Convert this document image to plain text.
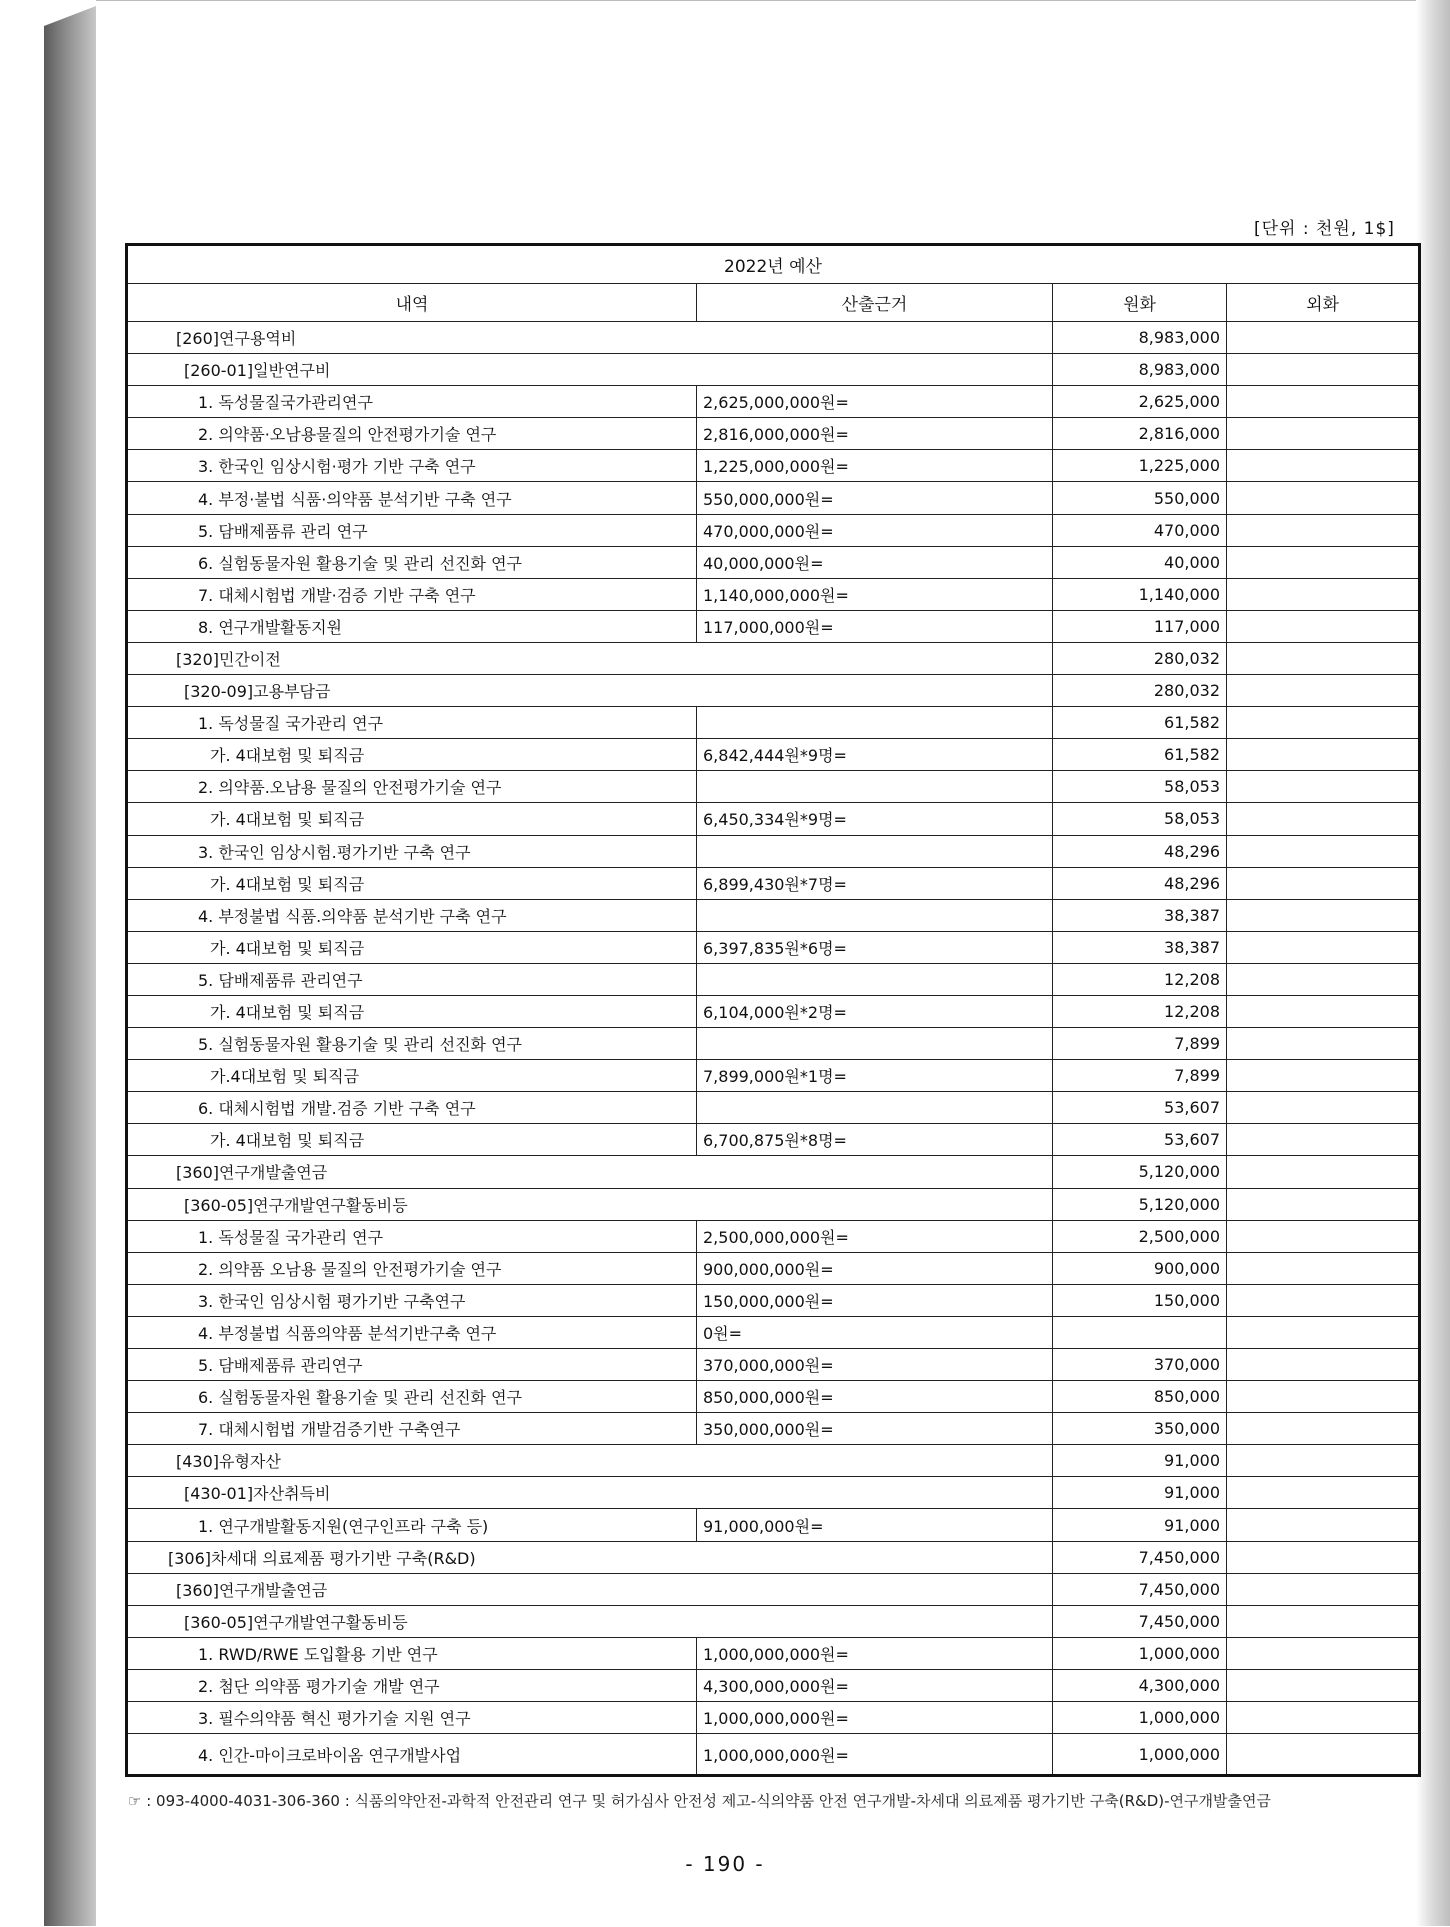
[단위 : 천원, 1$]
2022년 예산			
내역	산출근거	원화	외화
[260]연구용역비		8,983,000	
[260-01]일반연구비		8,983,000	
1. 독성물질국가관리연구	2,625,000,000원=	2,625,000	
2. 의약품·오남용물질의 안전평가기술 연구	2,816,000,000원=	2,816,000	
3. 한국인 임상시험·평가 기반 구축 연구	1,225,000,000원=	1,225,000	
4. 부정·불법 식품·의약품 분석기반 구축 연구	550,000,000원=	550,000	
5. 담배제품류 관리 연구	470,000,000원=	470,000	
6. 실험동물자원 활용기술 및 관리 선진화 연구	40,000,000원=	40,000	
7. 대체시험법 개발·검증 기반 구축 연구	1,140,000,000원=	1,140,000	
8. 연구개발활동지원	117,000,000원=	117,000	
[320]민간이전		280,032	
[320-09]고용부담금		280,032	
1. 독성물질 국가관리 연구		61,582	
가. 4대보험 및 퇴직금	6,842,444원*9명=	61,582	
2. 의약품.오남용 물질의 안전평가기술 연구		58,053	
가. 4대보험 및 퇴직금	6,450,334원*9명=	58,053	
3. 한국인 임상시험.평가기반 구축 연구		48,296	
가. 4대보험 및 퇴직금	6,899,430원*7명=	48,296	
4. 부정불법 식품.의약품 분석기반 구축 연구		38,387	
가. 4대보험 및 퇴직금	6,397,835원*6명=	38,387	
5. 담배제품류 관리연구		12,208	
가. 4대보험 및 퇴직금	6,104,000원*2명=	12,208	
5. 실험동물자원 활용기술 및 관리 선진화 연구		7,899	
가.4대보험 및 퇴직금	7,899,000원*1명=	7,899	
6. 대체시험법 개발.검증 기반 구축 연구		53,607	
가. 4대보험 및 퇴직금	6,700,875원*8명=	53,607	
[360]연구개발출연금		5,120,000	
[360-05]연구개발연구활동비등		5,120,000	
1. 독성물질 국가관리 연구	2,500,000,000원=	2,500,000	
2. 의약품 오남용 물질의 안전평가기술 연구	900,000,000원=	900,000	
3. 한국인 임상시험 평가기반 구축연구	150,000,000원=	150,000	
4. 부정불법 식품의약품 분석기반구축 연구	0원=		
5. 담배제품류 관리연구	370,000,000원=	370,000	
6. 실험동물자원 활용기술 및 관리 선진화 연구	850,000,000원=	850,000	
7. 대체시험법 개발검증기반 구축연구	350,000,000원=	350,000	
[430]유형자산		91,000	
[430-01]자산취득비		91,000	
1. 연구개발활동지원(연구인프라 구축 등)	91,000,000원=	91,000	
[306]차세대 의료제품 평가기반 구축(R&D)		7,450,000	
[360]연구개발출연금		7,450,000	
[360-05]연구개발연구활동비등		7,450,000	
1. RWD/RWE 도입활용 기반 연구	1,000,000,000원=	1,000,000	
2. 첨단 의약품 평가기술 개발 연구	4,300,000,000원=	4,300,000	
3. 필수의약품 혁신 평가기술 지원 연구	1,000,000,000원=	1,000,000	
4. 인간-마이크로바이옴 연구개발사업	1,000,000,000원=	1,000,000	
☞ : 093-4000-4031-306-360 : 식품의약안전-과학적 안전관리 연구 및 허가심사 안전성 제고-식의약품 안전 연구개발-차세대 의료제품 평가기반 구축(R&D)-연구개발출연금
- 190 -
